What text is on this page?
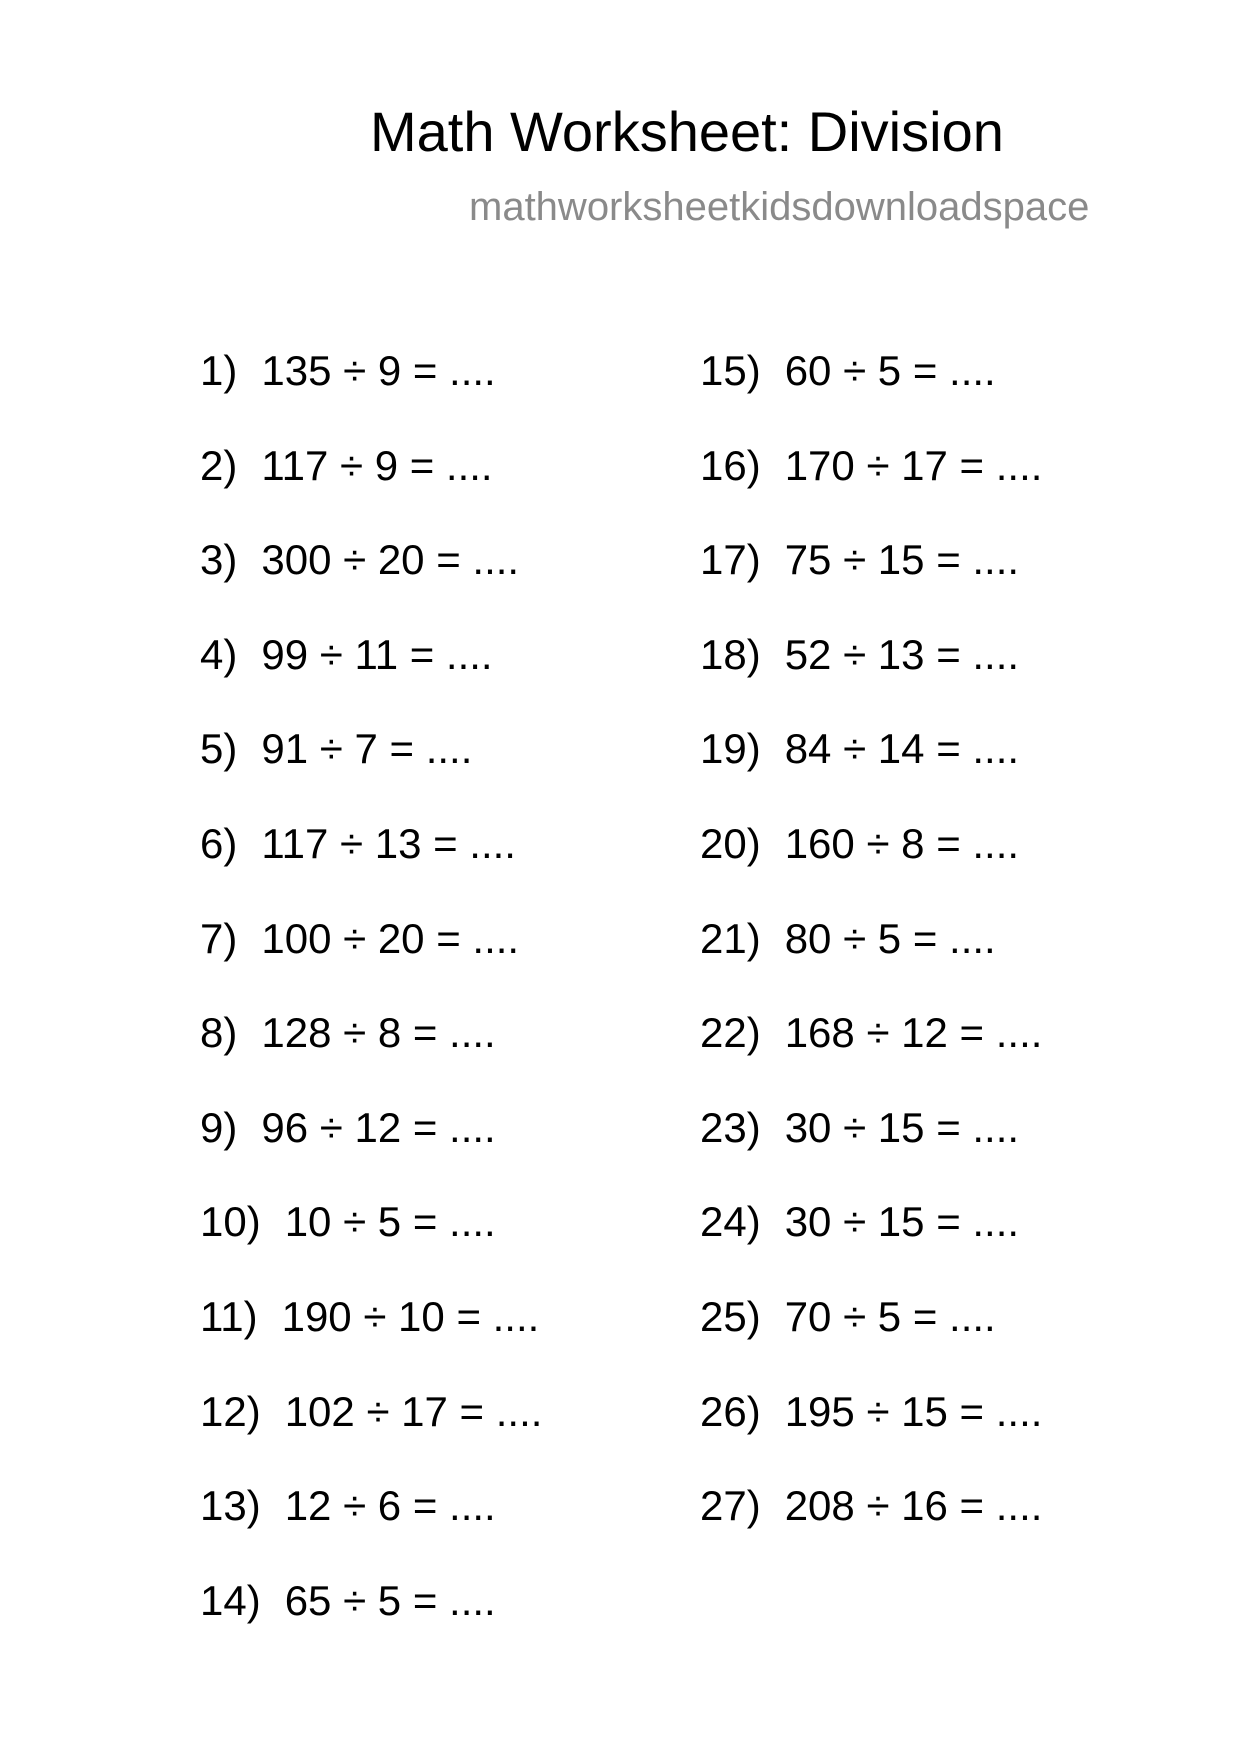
Math Worksheet: Division
mathworksheetkidsdownloadspace
1) 135 ÷ 9 = ....
2) 117 ÷ 9 = ....
3) 300 ÷ 20 = ....
4) 99 ÷ 11 = ....
5) 91 ÷ 7 = ....
6) 117 ÷ 13 = ....
7) 100 ÷ 20 = ....
8) 128 ÷ 8 = ....
9) 96 ÷ 12 = ....
10) 10 ÷ 5 = ....
11) 190 ÷ 10 = ....
12) 102 ÷ 17 = ....
13) 12 ÷ 6 = ....
14) 65 ÷ 5 = ....
15) 60 ÷ 5 = ....
16) 170 ÷ 17 = ....
17) 75 ÷ 15 = ....
18) 52 ÷ 13 = ....
19) 84 ÷ 14 = ....
20) 160 ÷ 8 = ....
21) 80 ÷ 5 = ....
22) 168 ÷ 12 = ....
23) 30 ÷ 15 = ....
24) 30 ÷ 15 = ....
25) 70 ÷ 5 = ....
26) 195 ÷ 15 = ....
27) 208 ÷ 16 = ....
